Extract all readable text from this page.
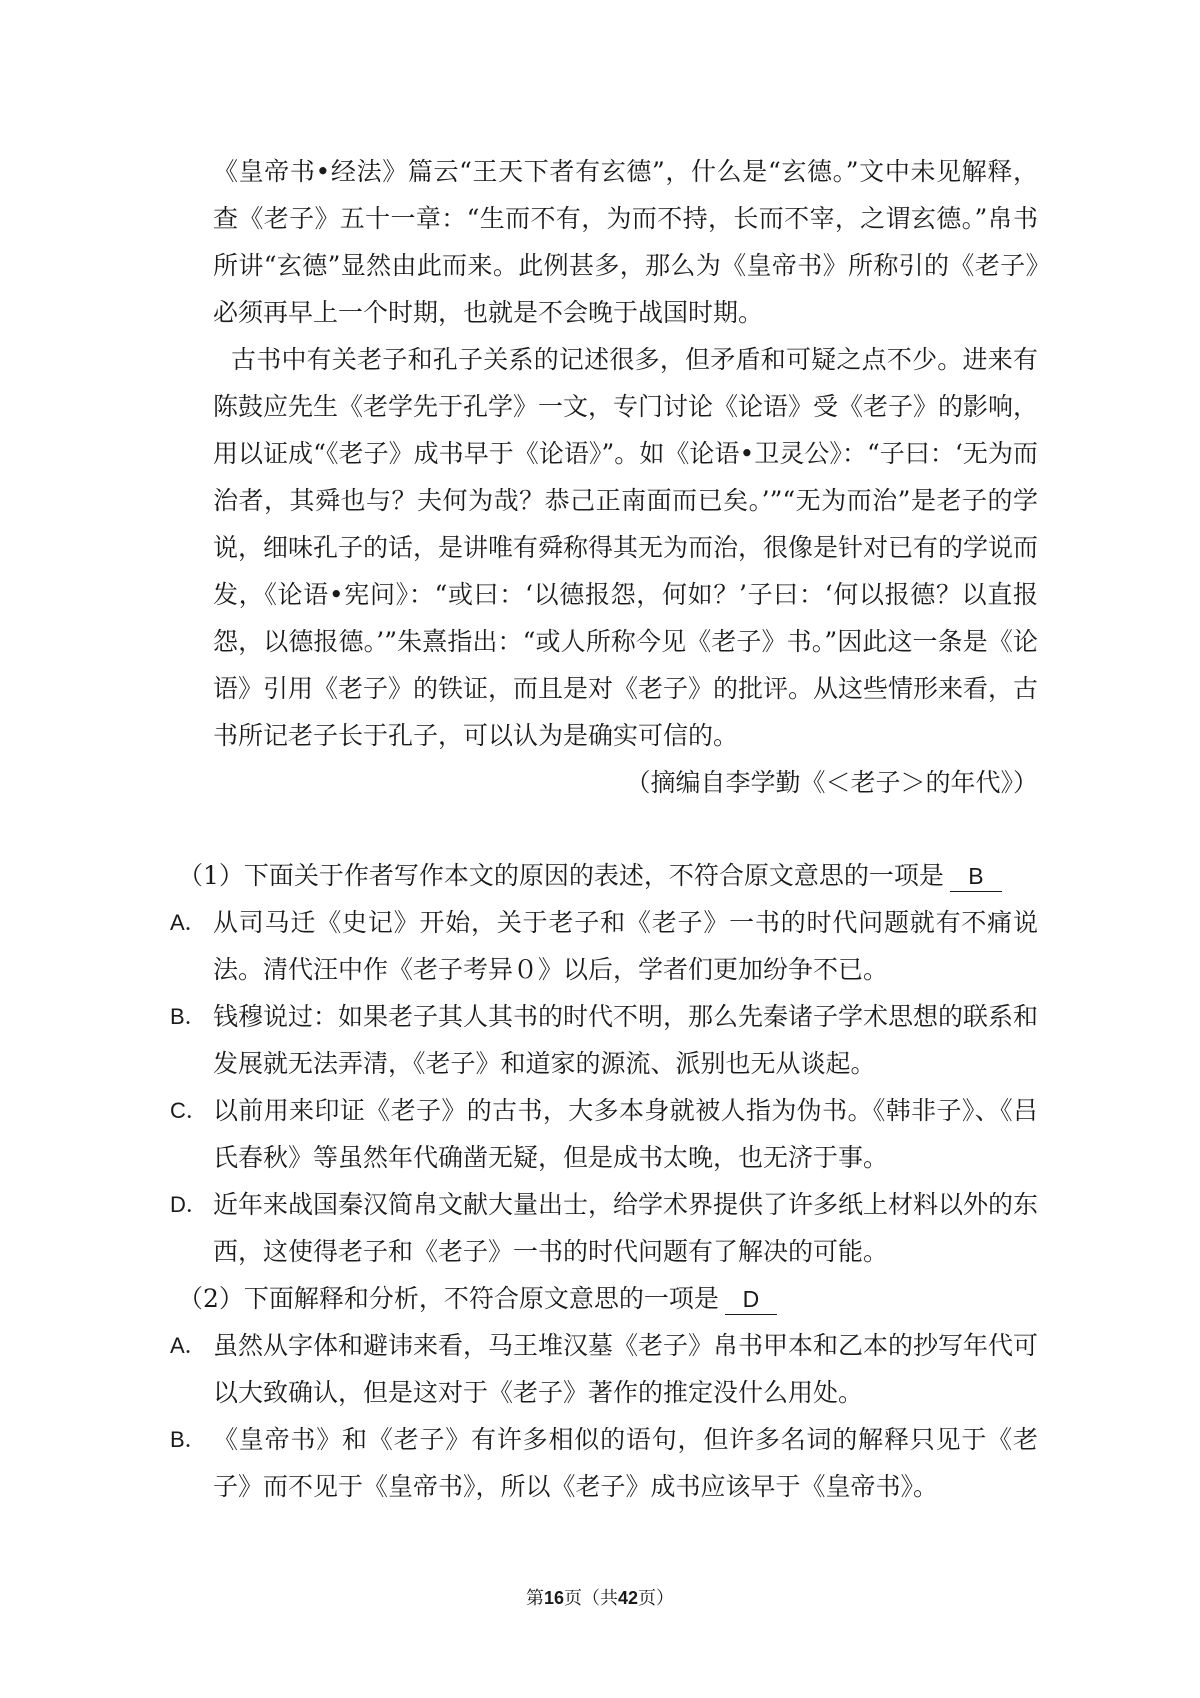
《皇帝书•经法》篇云“王天下者有玄德”，什么是“玄德。”文中未见解释，查《老子》五十一章：“生而不有，为而不持，长而不宰，之谓玄德。”帛书所讲“玄德”显然由此而来。此例甚多，那么为《皇帝书》所称引的《老子》必须再早上一个时期，也就是不会晚于战国时期。

古书中有关老子和孔子关系的记述很多，但矛盾和可疑之点不少。进来有陈鼓应先生《老学先于孔学》一文，专门讨论《论语》受《老子》的影响，用以证成“《老子》成书早于《论语》”。如《论语•卫灵公》：“子曰：‘无为而治者，其舜也与？夫何为哉？恭己正南面而已矣。’”“无为而治”是老子的学说，细味孔子的话，是讲唯有舜称得其无为而治，很像是针对已有的学说而发，《论语•宪问》：“或曰：‘以德报怨，何如？’子曰：‘何以报德？以直报怨，以德报德。’”朱熹指出：“或人所称今见《老子》书。”因此这一条是《论语》引用《老子》的铁证，而且是对《老子》的批评。从这些情形来看，古书所记老子长于孔子，可以认为是确实可信的。

（摘编自李学勤《＜老子＞的年代》）

（1）下面关于作者写作本文的原因的表述，不符合原文意思的一项是 B

A． 从司马迁《史记》开始，关于老子和《老子》一书的时代问题就有不痛说法。清代汪中作《老子考异０》以后，学者们更加纷争不已。

B． 钱穆说过：如果老子其人其书的时代不明，那么先秦诸子学术思想的联系和发展就无法弄清，《老子》和道家的源流、派别也无从谈起。

C． 以前用来印证《老子》的古书，大多本身就被人指为伪书。《韩非子》、《吕氏春秋》等虽然年代确凿无疑，但是成书太晚，也无济于事。

D． 近年来战国秦汉简帛文献大量出士，给学术界提供了许多纸上材料以外的东西，这使得老子和《老子》一书的时代问题有了解决的可能。

（2）下面解释和分析，不符合原文意思的一项是 D

A． 虽然从字体和避讳来看，马王堆汉墓《老子》帛书甲本和乙本的抄写年代可以大致确认，但是这对于《老子》著作的推定没什么用处。

B． 《皇帝书》和《老子》有许多相似的语句，但许多名词的解释只见于《老子》而不见于《皇帝书》，所以《老子》成书应该早于《皇帝书》。

第16页（共42页）
